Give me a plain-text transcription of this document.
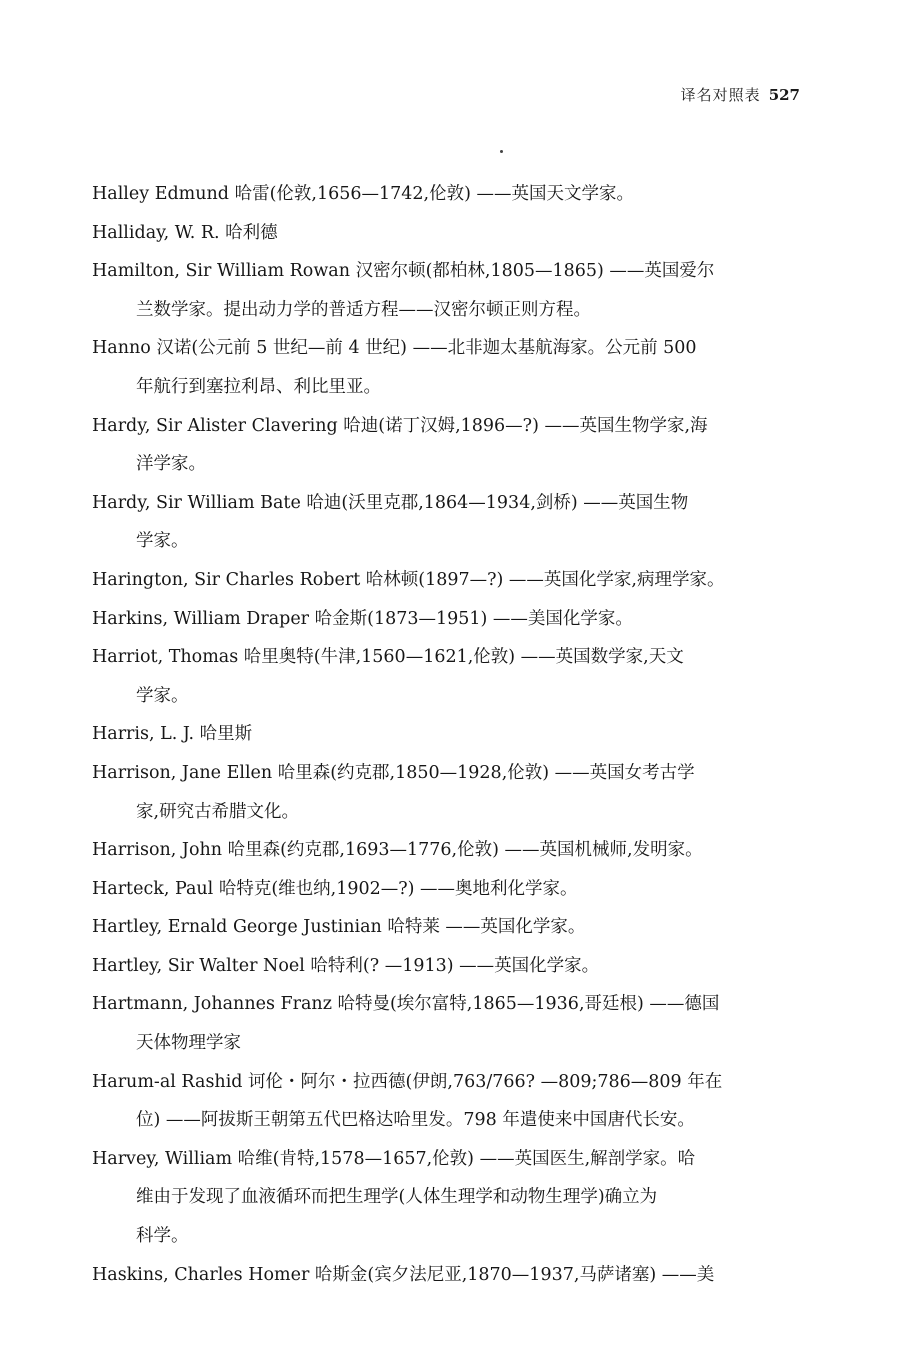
译名对照表 527
Halley Edmund 哈雷(伦敦,1656—1742,伦敦) ——英国天文学家。
Halliday, W. R. 哈利德
Hamilton, Sir William Rowan 汉密尔顿(都柏林,1805—1865) ——英国爱尔
兰数学家。提出动力学的普适方程——汉密尔顿正则方程。
Hanno 汉诺(公元前 5 世纪—前 4 世纪) ——北非迦太基航海家。公元前 500
年航行到塞拉利昂、利比里亚。
Hardy, Sir Alister Clavering 哈迪(诺丁汉姆,1896—?) ——英国生物学家,海
洋学家。
Hardy, Sir William Bate 哈迪(沃里克郡,1864—1934,剑桥) ——英国生物
学家。
Harington, Sir Charles Robert 哈林顿(1897—?) ——英国化学家,病理学家。
Harkins, William Draper 哈金斯(1873—1951) ——美国化学家。
Harriot, Thomas 哈里奥特(牛津,1560—1621,伦敦) ——英国数学家,天文
学家。
Harris, L. J. 哈里斯
Harrison, Jane Ellen 哈里森(约克郡,1850—1928,伦敦) ——英国女考古学
家,研究古希腊文化。
Harrison, John 哈里森(约克郡,1693—1776,伦敦) ——英国机械师,发明家。
Harteck, Paul 哈特克(维也纳,1902—?) ——奥地利化学家。
Hartley, Ernald George Justinian 哈特莱 ——英国化学家。
Hartley, Sir Walter Noel 哈特利(? —1913) ——英国化学家。
Hartmann, Johannes Franz 哈特曼(埃尔富特,1865—1936,哥廷根) ——德国
天体物理学家
Harum-al Rashid 诃伦・阿尔・拉西德(伊朗,763/766? —809;786—809 年在
位) ——阿拔斯王朝第五代巴格达哈里发。798 年遣使来中国唐代长安。
Harvey, William 哈维(肯特,1578—1657,伦敦) ——英国医生,解剖学家。哈
维由于发现了血液循环而把生理学(人体生理学和动物生理学)确立为
科学。
Haskins, Charles Homer 哈斯金(宾夕法尼亚,1870—1937,马萨诸塞) ——美
